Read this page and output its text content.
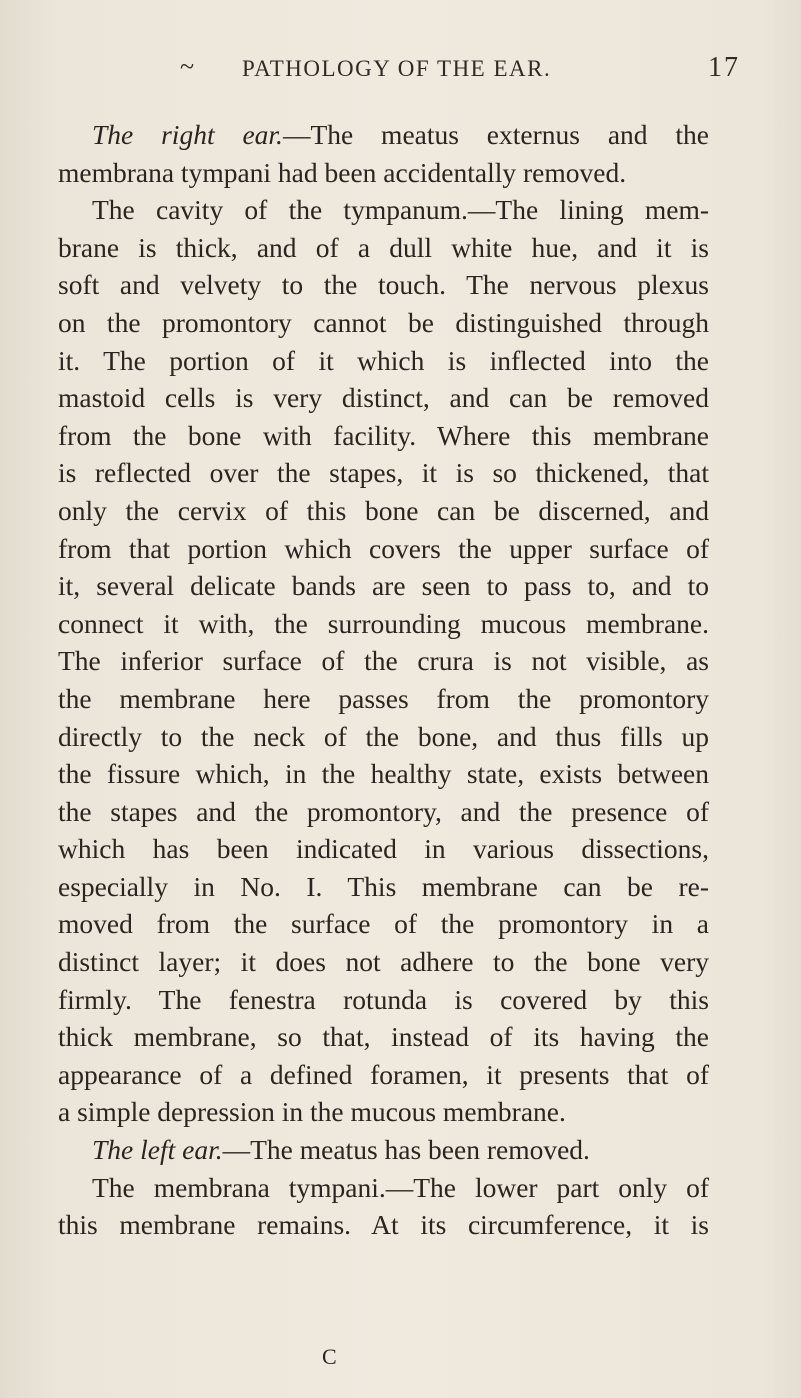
~ PATHOLOGY OF THE EAR.	17
The right ear.—The meatus externus and the
membrana tympani had been accidentally removed.
The cavity of the tympanum.—The lining mem-
brane is thick, and of a dull white hue, and it is
soft and velvety to the touch. The nervous plexus
on the promontory cannot be distinguished through
it. The portion of it which is inflected into the
mastoid cells is very distinct, and can be removed
from the bone with facility. Where this membrane
is reflected over the stapes, it is so thickened, that
only the cervix of this bone can be discerned, and
from that portion which covers the upper surface of
it, several delicate bands are seen to pass to, and to
connect it with, the surrounding mucous membrane.
The inferior surface of the crura is not visible, as
the membrane here passes from the promontory
directly to the neck of the bone, and thus fills up
the fissure which, in the healthy state, exists between
the stapes and the promontory, and the presence of
which has been indicated in various dissections,
especially in No. I. This membrane can be re-
moved from the surface of the promontory in a
distinct layer; it does not adhere to the bone very
firmly. The fenestra rotunda is covered by this
thick membrane, so that, instead of its having the
appearance of a defined foramen, it presents that of
a simple depression in the mucous membrane.
The left ear.—The meatus has been removed.
The membrana tympani.—The lower part only of
this membrane remains. At its circumference, it is
C
